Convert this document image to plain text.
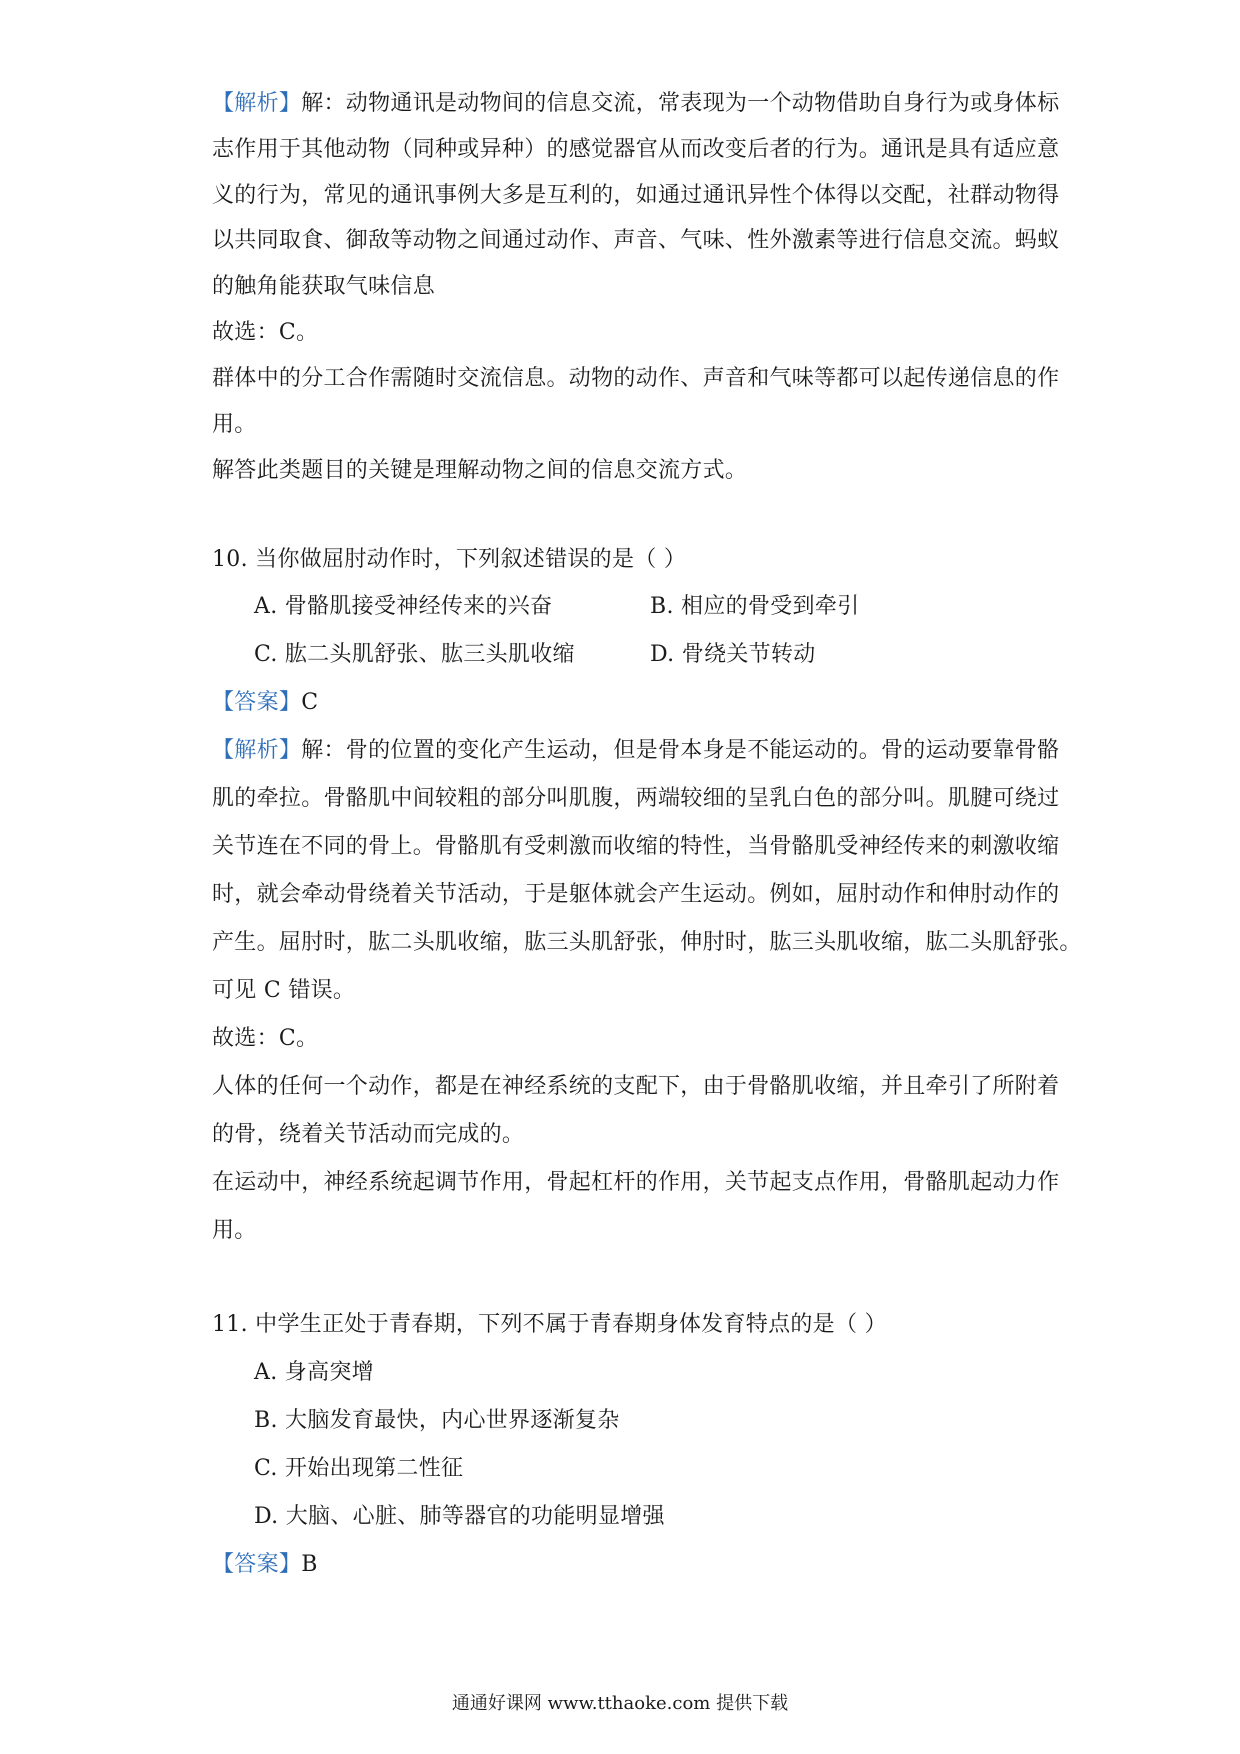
【解析】解：动物通讯是动物间的信息交流，常表现为一个动物借助自身行为或身体标
志作用于其他动物（同种或异种）的感觉器官从而改变后者的行为。通讯是具有适应意
义的行为，常见的通讯事例大多是互利的，如通过通讯异性个体得以交配，社群动物得
以共同取食、御敌等动物之间通过动作、声音、气味、性外激素等进行信息交流。蚂蚁
的触角能获取气味信息
故选：C。
群体中的分工合作需随时交流信息。动物的动作、声音和气味等都可以起传递信息的作
用。
解答此类题目的关键是理解动物之间的信息交流方式。
10. 当你做屈肘动作时，下列叙述错误的是（ ）
A. 骨骼肌接受神经传来的兴奋	B. 相应的骨受到牵引
C. 肱二头肌舒张、肱三头肌收缩	D. 骨绕关节转动
【答案】C
【解析】解：骨的位置的变化产生运动，但是骨本身是不能运动的。骨的运动要靠骨骼
肌的牵拉。骨骼肌中间较粗的部分叫肌腹，两端较细的呈乳白色的部分叫。肌腱可绕过
关节连在不同的骨上。骨骼肌有受刺激而收缩的特性，当骨骼肌受神经传来的刺激收缩
时，就会牵动骨绕着关节活动，于是躯体就会产生运动。例如，屈肘动作和伸肘动作的
产生。屈肘时，肱二头肌收缩，肱三头肌舒张，伸肘时，肱三头肌收缩，肱二头肌舒张。
可见 C 错误。
故选：C。
人体的任何一个动作，都是在神经系统的支配下，由于骨骼肌收缩，并且牵引了所附着
的骨，绕着关节活动而完成的。
在运动中，神经系统起调节作用，骨起杠杆的作用，关节起支点作用，骨骼肌起动力作
用。
11. 中学生正处于青春期，下列不属于青春期身体发育特点的是（ ）
A. 身高突增
B. 大脑发育最快，内心世界逐渐复杂
C. 开始出现第二性征
D. 大脑、心脏、肺等器官的功能明显增强
【答案】B
通通好课网 www.tthaoke.com 提供下载
